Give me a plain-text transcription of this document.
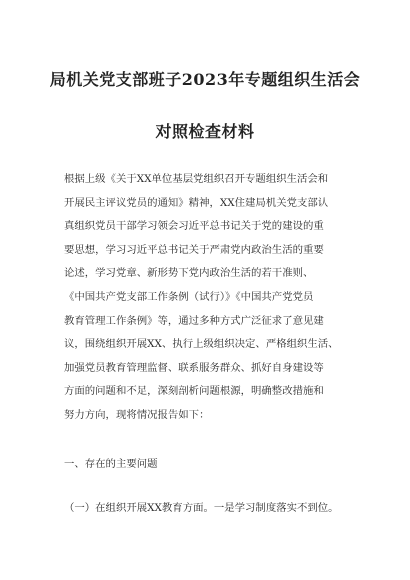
局机关党支部班子2023年专题组织生活会
对照检查材料
根据上级《关于XX单位基层党组织召开专题组织生活会和
开展民主评议党员的通知》精神，XX住建局机关党支部认
真组织党员干部学习领会习近平总书记关于党的建设的重
要思想，学习习近平总书记关于严肃党内政治生活的重要
论述，学习党章、新形势下党内政治生活的若干准则、
《中国共产党支部工作条例（试行）》《中国共产党党员
教育管理工作条例》等，通过多种方式广泛征求了意见建
议，围绕组织开展XX、执行上级组织决定、严格组织生活、
加强党员教育管理监督、联系服务群众、抓好自身建设等
方面的问题和不足，深刻剖析问题根源，明确整改措施和
努力方向，现将情况报告如下：
一、存在的主要问题
（一）在组织开展XX教育方面。一是学习制度落实不到位。
